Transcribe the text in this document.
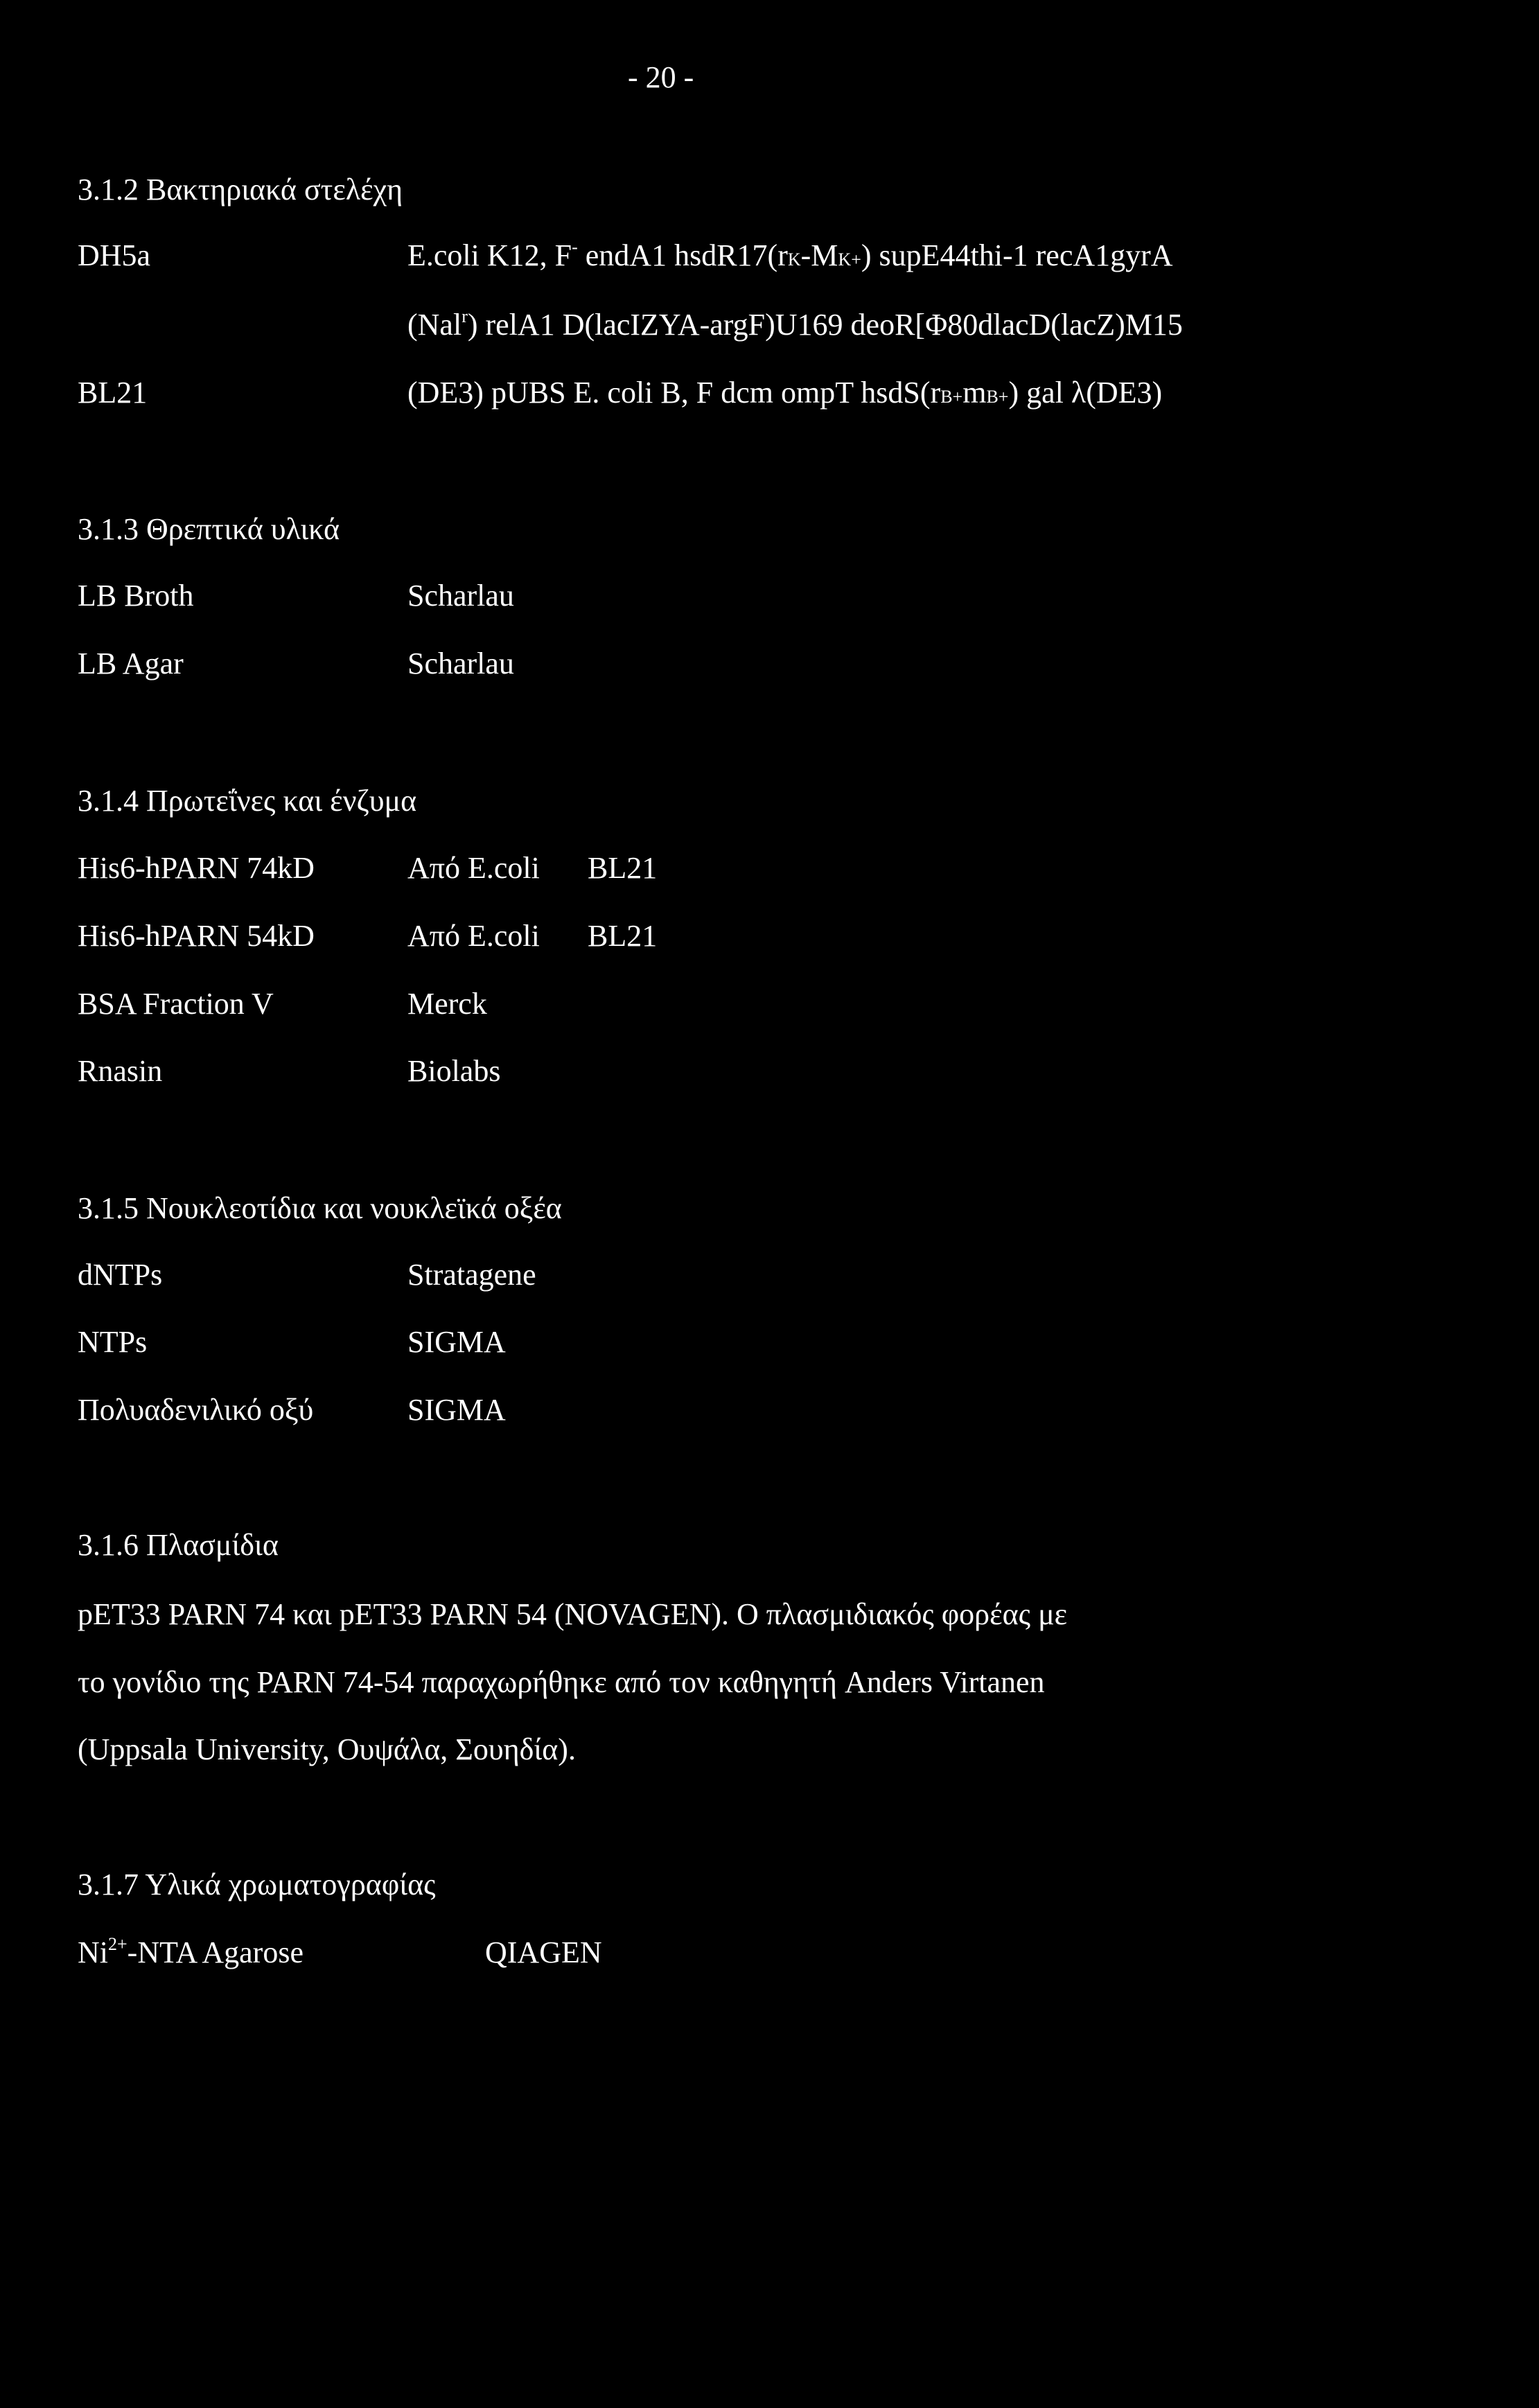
- 20 -
3.1.2 Βακτηριακά στελέχη
DH5a	E.coli K12, F- endA1 hsdR17(rK-MK+) supE44thi-1 recA1gyrA
(Nal$^r$) relA1 D(lacIZYA-argF)U169 deoR[Φ80dlacD(lacZ)M15
BL21	(DE3) pUBS E. coli B, F dcm ompT hsdS(rB+mB+) gal λ(DE3)
3.1.3 Θρεπτικά υλικά
LB Broth	Scharlau
LB Agar	Scharlau
3.1.4 Πρωτεΐνες και ένζυμα
His6-hPARN 74kD	Από E.coli BL21
His6-hPARN 54kD	Από E.coli BL21
BSA Fraction V	Merck
Rnasin	Biolabs
3.1.5 Νουκλεοτίδια και νουκλεϊκά οξέα
dNTPs	Stratagene
NTPs	SIGMA
Πολυαδενιλικό οξύ	SIGMA
3.1.6 Πλασμίδια
pET33 PARN 74 και pET33 PARN 54 (NOVAGEN). Ο πλασμιδιακός φορέας με
το γονίδιο της PARN 74-54 παραχωρήθηκε από τον καθηγητή Anders Virtanen
(Uppsala University, Ουψάλα, Σουηδία).
3.1.7 Υλικά χρωματογραφίας
$Ni^{2+}$-NTA Agarose	QIAGEN
